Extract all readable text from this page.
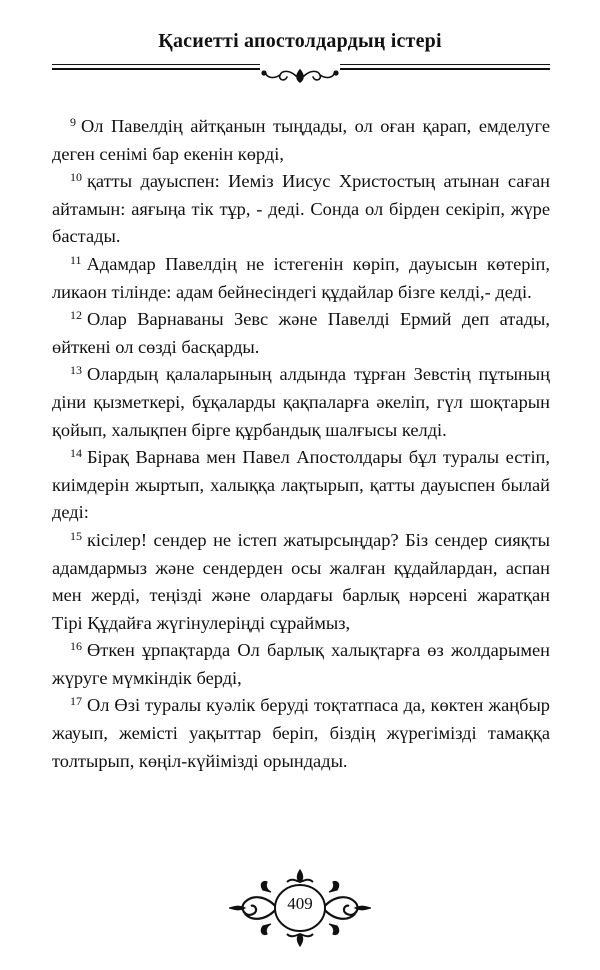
Қасиетті апостолдардың істері

$^9$ Ол Павелдің айтқанын тыңдады, ол оған қарап, емделуге деген сенімі бар екенін көрді,

$^{10}$ қатты дауыспен: Иеміз Иисус Христостың атынан саған айтамын: аяғыңа тік тұр, - деді. Сонда ол бірден секіріп, жүре бастады.

$^{11}$ Адамдар Павелдің не істегенін көріп, дауысын көтеріп, ликаон тілінде: адам бейнесіндегі құдайлар бізге келді,- деді.

$^{12}$ Олар Варнаваны Зевс және Павелді Ермий деп атады, өйткені ол сөзді басқарды.

$^{13}$ Олардың қалаларының алдында тұрған Зевстің пұтының діни қызметкері, бұқаларды қақпаларға әкеліп, гүл шоқтарын қойып, халықпен бірге құрбандық шалғысы келді.

$^{14}$ Бірақ Варнава мен Павел Апостолдары бұл туралы естіп, киімдерін жыртып, халыққа лақтырып, қатты дауыспен былай деді:

$^{15}$ кісілер! сендер не істеп жатырсыңдар? Біз сендер сияқты адамдармыз және сендерден осы жалған құдайлардан, аспан мен жерді, теңізді және олардағы барлық нәрсені жаратқан Тірі Құдайға жүгінулеріңді сұраймыз,

$^{16}$ Өткен ұрпақтарда Ол барлық халықтарға өз жолдарымен жүруге мүмкіндік берді,

$^{17}$ Ол Өзі туралы куәлік беруді тоқтатпаса да, көктен жаңбыр жауып, жемісті уақыттар беріп, біздің жүрегімізді тамаққа толтырып, көңіл-күйімізді орындады.

409
